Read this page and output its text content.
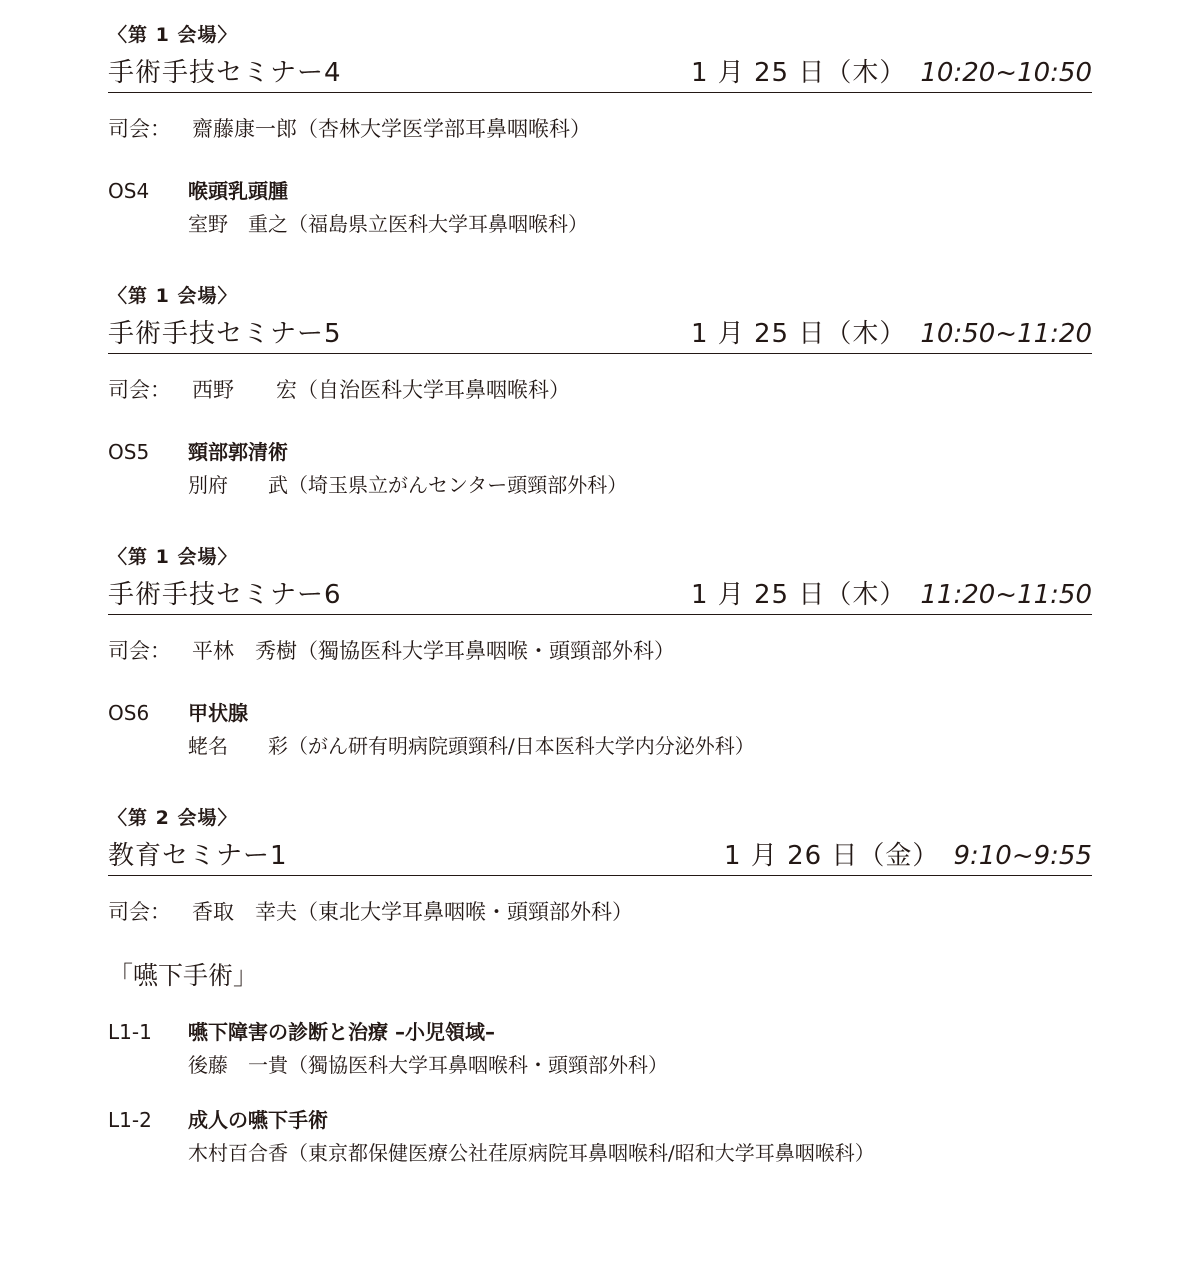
〈第 1 会場〉
手術手技セミナー4	1 月 25 日（木） 10:20~10:50
司会： 齋藤康一郎（杏林大学医学部耳鼻咽喉科）
OS4 喉頭乳頭腫
室野　重之（福島県立医科大学耳鼻咽喉科）
〈第 1 会場〉
手術手技セミナー5	1 月 25 日（木） 10:50~11:20
司会： 西野　　宏（自治医科大学耳鼻咽喉科）
OS5 頸部郭清術
別府　　武（埼玉県立がんセンター頭頸部外科）
〈第 1 会場〉
手術手技セミナー6	1 月 25 日（木） 11:20~11:50
司会： 平林　秀樹（獨協医科大学耳鼻咽喉・頭頸部外科）
OS6 甲状腺
蛯名　　彩（がん研有明病院頭頸科/日本医科大学内分泌外科）
〈第 2 会場〉
教育セミナー1	1 月 26 日（金） 9:10~9:55
司会： 香取　幸夫（東北大学耳鼻咽喉・頭頸部外科）
「嚥下手術」
L1-1 嚥下障害の診断と治療 –小児領域–
後藤　一貴（獨協医科大学耳鼻咽喉科・頭頸部外科）
L1-2 成人の嚥下手術
木村百合香（東京都保健医療公社荏原病院耳鼻咽喉科/昭和大学耳鼻咽喉科）
